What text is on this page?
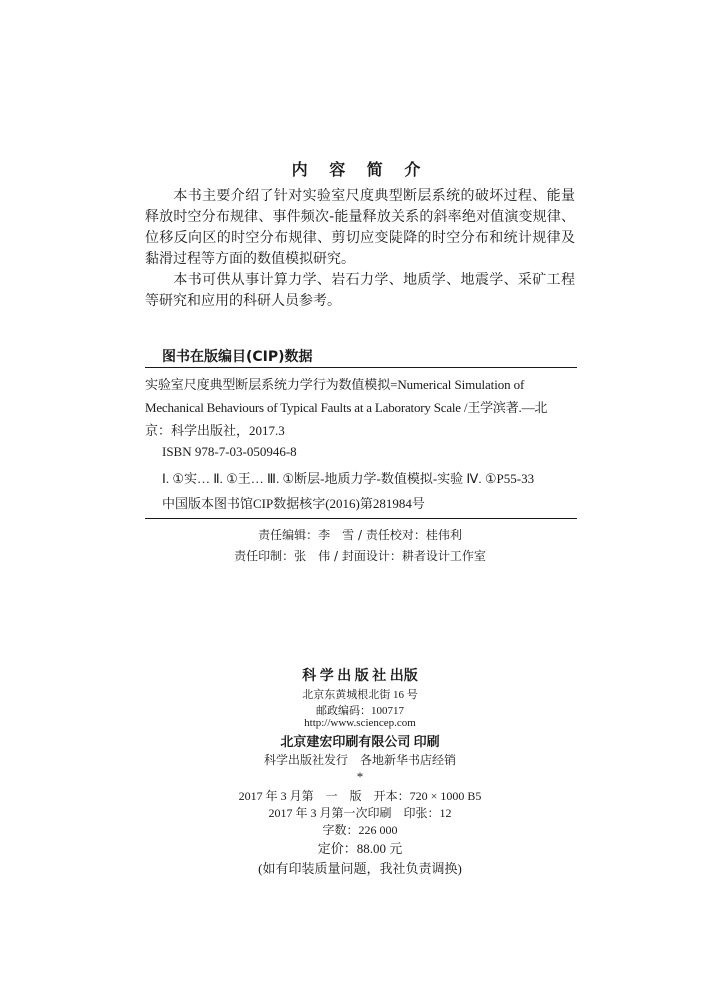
内 容 简 介
本书主要介绍了针对实验室尺度典型断层系统的破坏过程、能量释放时空分布规律、事件频次-能量释放关系的斜率绝对值演变规律、位移反向区的时空分布规律、剪切应变陡降的时空分布和统计规律及黏滑过程等方面的数值模拟研究。
本书可供从事计算力学、岩石力学、地质学、地震学、采矿工程等研究和应用的科研人员参考。
图书在版编目(CIP)数据
实验室尺度典型断层系统力学行为数值模拟=Numerical Simulation of
Mechanical Behaviours of Typical Faults at a Laboratory Scale /王学滨著.—北
京：科学出版社，2017.3
ISBN 978-7-03-050946-8
Ⅰ. ①实… Ⅱ. ①王… Ⅲ. ①断层-地质力学-数值模拟-实验 Ⅳ. ①P55-33
中国版本图书馆CIP数据核字(2016)第281984号
责任编辑：李　雪 / 责任校对：桂伟利
责任印制：张　伟 / 封面设计：耕者设计工作室
科 学 出 版 社 出版
北京东黄城根北街 16 号
邮政编码：100717
http://www.sciencep.com
北京建宏印刷有限公司 印刷
科学出版社发行　各地新华书店经销
*
2017 年 3 月第　一　版　开本：720 × 1000 B5
2017 年 3 月第一次印刷　印张：12
字数：226 000
定价：88.00 元
(如有印装质量问题，我社负责调换)
